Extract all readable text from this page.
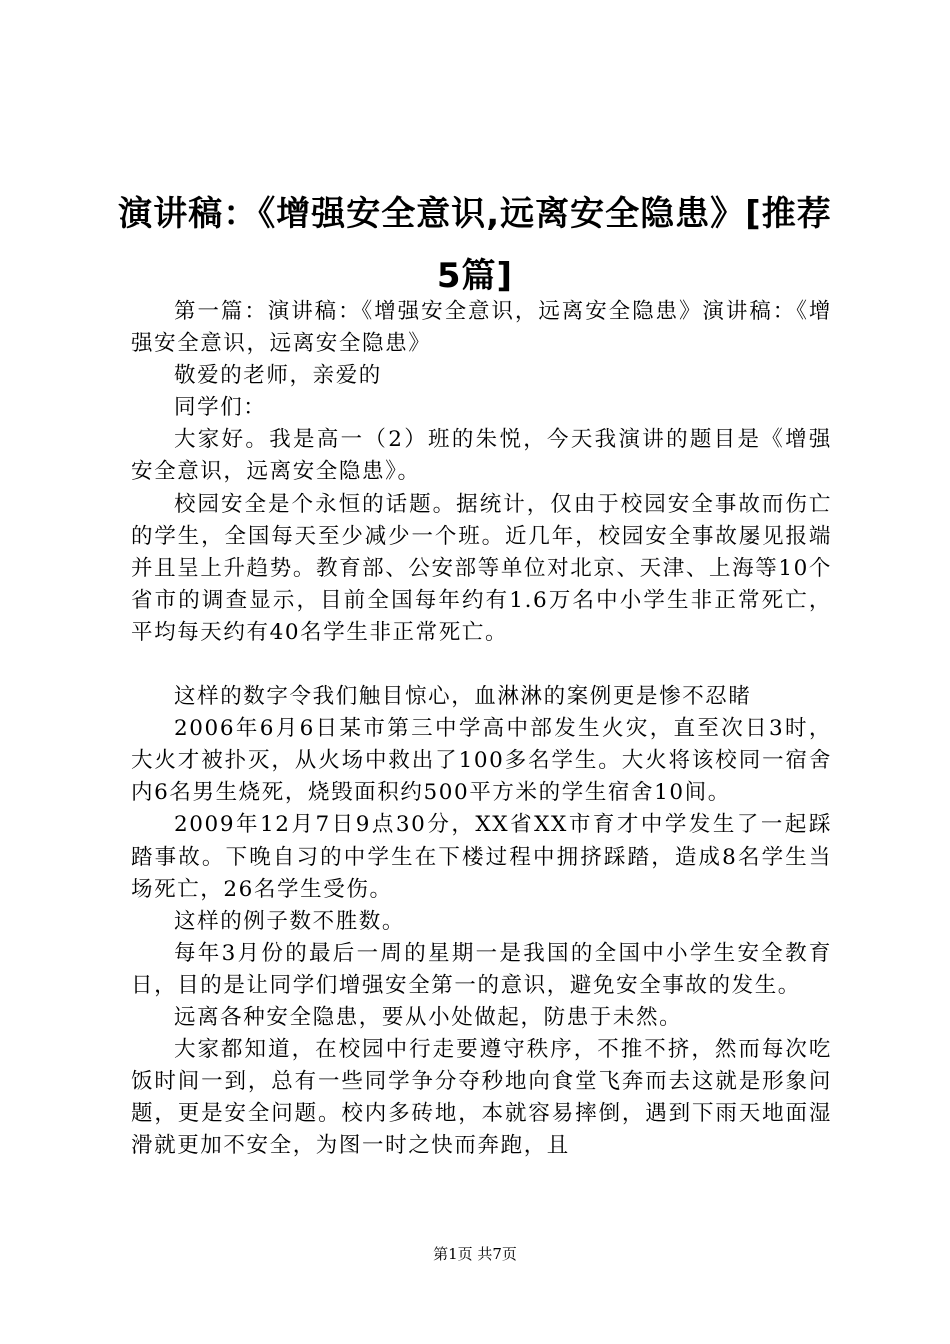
演讲稿：《增强安全意识,远离安全隐患》[推荐5篇]

第一篇：演讲稿：《增强安全意识，远离安全隐患》演讲稿：《增强安全意识，远离安全隐患》

敬爱的老师，亲爱的

同学们：

大家好。我是高一（2）班的朱悦，今天我演讲的题目是《增强安全意识，远离安全隐患》。

校园安全是个永恒的话题。据统计，仅由于校园安全事故而伤亡的学生，全国每天至少减少一个班。近几年，校园安全事故屡见报端并且呈上升趋势。教育部、公安部等单位对北京、天津、上海等10个省市的调查显示，目前全国每年约有1.6万名中小学生非正常死亡，平均每天约有40名学生非正常死亡。

这样的数字令我们触目惊心，血淋淋的案例更是惨不忍睹

2006年6月6日某市第三中学高中部发生火灾，直至次日3时，大火才被扑灭，从火场中救出了100多名学生。大火将该校同一宿舍内6名男生烧死，烧毁面积约500平方米的学生宿舍10间。

2009年12月7日9点30分，XX省XX市育才中学发生了一起踩踏事故。下晚自习的中学生在下楼过程中拥挤踩踏，造成8名学生当场死亡，26名学生受伤。

这样的例子数不胜数。

每年3月份的最后一周的星期一是我国的全国中小学生安全教育日，目的是让同学们增强安全第一的意识，避免安全事故的发生。

远离各种安全隐患，要从小处做起，防患于未然。

大家都知道，在校园中行走要遵守秩序，不推不挤，然而每次吃饭时间一到，总有一些同学争分夺秒地向食堂飞奔而去这就是形象问题，更是安全问题。校内多砖地，本就容易摔倒，遇到下雨天地面湿滑就更加不安全，为图一时之快而奔跑，且

第1页 共7页
